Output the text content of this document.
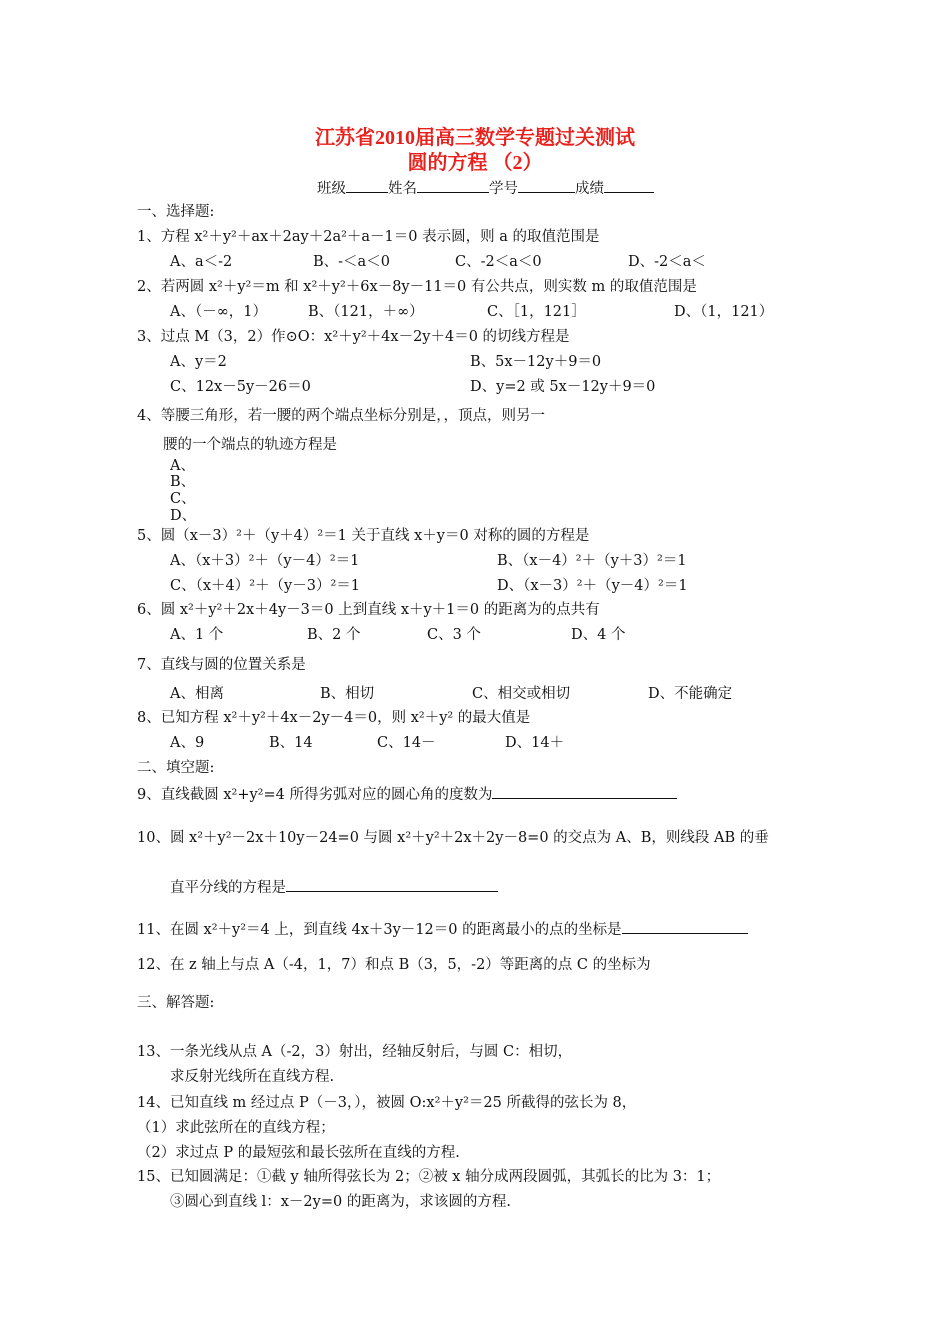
江苏省2010届高三数学专题过关测试
圆的方程 （2）
班级	姓名	学号	成绩
一、选择题:
1、方程 x²＋y²＋ax＋2ay＋2a²＋a－1＝0 表示圆，则 a 的取值范围是
A、a＜-2	B、-＜a＜0	C、-2＜a＜0	D、-2＜a＜
2、若两圆 x²＋y²＝m 和 x²＋y²＋6x－8y－11＝0 有公共点，则实数 m 的取值范围是
A、（－∞，1）	B、（121，＋∞）	C、［1，121］	D、（1，121）
3、过点 M（3，2）作⊙O：x²＋y²＋4x－2y＋4＝0 的切线方程是
A、y＝2	B、5x－12y＋9＝0
C、12x－5y－26＝0	D、y=2 或 5x－12y＋9＝0
4、等腰三角形，若一腰的两个端点坐标分别是，，顶点，则另一
腰的一个端点的轨迹方程是
A、
B、
C、
D、
5、圆（x－3）²＋（y＋4）²＝1 关于直线 x＋y＝0 对称的圆的方程是
A、（x＋3）²＋（y－4）²＝1	B、（x－4）²＋（y＋3）²＝1
C、（x＋4）²＋（y－3）²＝1	D、（x－3）²＋（y－4）²＝1
6、圆 x²＋y²＋2x＋4y－3＝0 上到直线 x＋y＋1＝0 的距离为的点共有
A、1 个	B、2 个	C、3 个	D、4 个
7、直线与圆的位置关系是
A、相离	B、相切	C、相交或相切	D、不能确定
8、已知方程 x²＋y²＋4x－2y－4＝0，则 x²＋y² 的最大值是
A、9	B、14	C、14－	D、14＋
二、填空题:
9、直线截圆 x²+y²=4 所得劣弧对应的圆心角的度数为
10、圆 x²＋y²－2x＋10y－24=0 与圆 x²＋y²＋2x＋2y－8=0 的交点为 A、B，则线段 AB 的垂
直平分线的方程是
11、在圆 x²＋y²＝4 上，到直线 4x＋3y－12＝0 的距离最小的点的坐标是
12、在 z 轴上与点 A（-4，1，7）和点 B（3，5，-2）等距离的点 C 的坐标为
三、解答题:
13、一条光线从点 A（-2，3）射出，经轴反射后，与圆 C：相切，
求反射光线所在直线方程.
14、已知直线 m 经过点 P（－3，），被圆 O:x²＋y²＝25 所截得的弦长为 8，
（1）求此弦所在的直线方程；
（2）求过点 P 的最短弦和最长弦所在直线的方程.
15、已知圆满足：①截 y 轴所得弦长为 2；②被 x 轴分成两段圆弧，其弧长的比为 3：1；
③圆心到直线 l：x－2y=0 的距离为，求该圆的方程.
